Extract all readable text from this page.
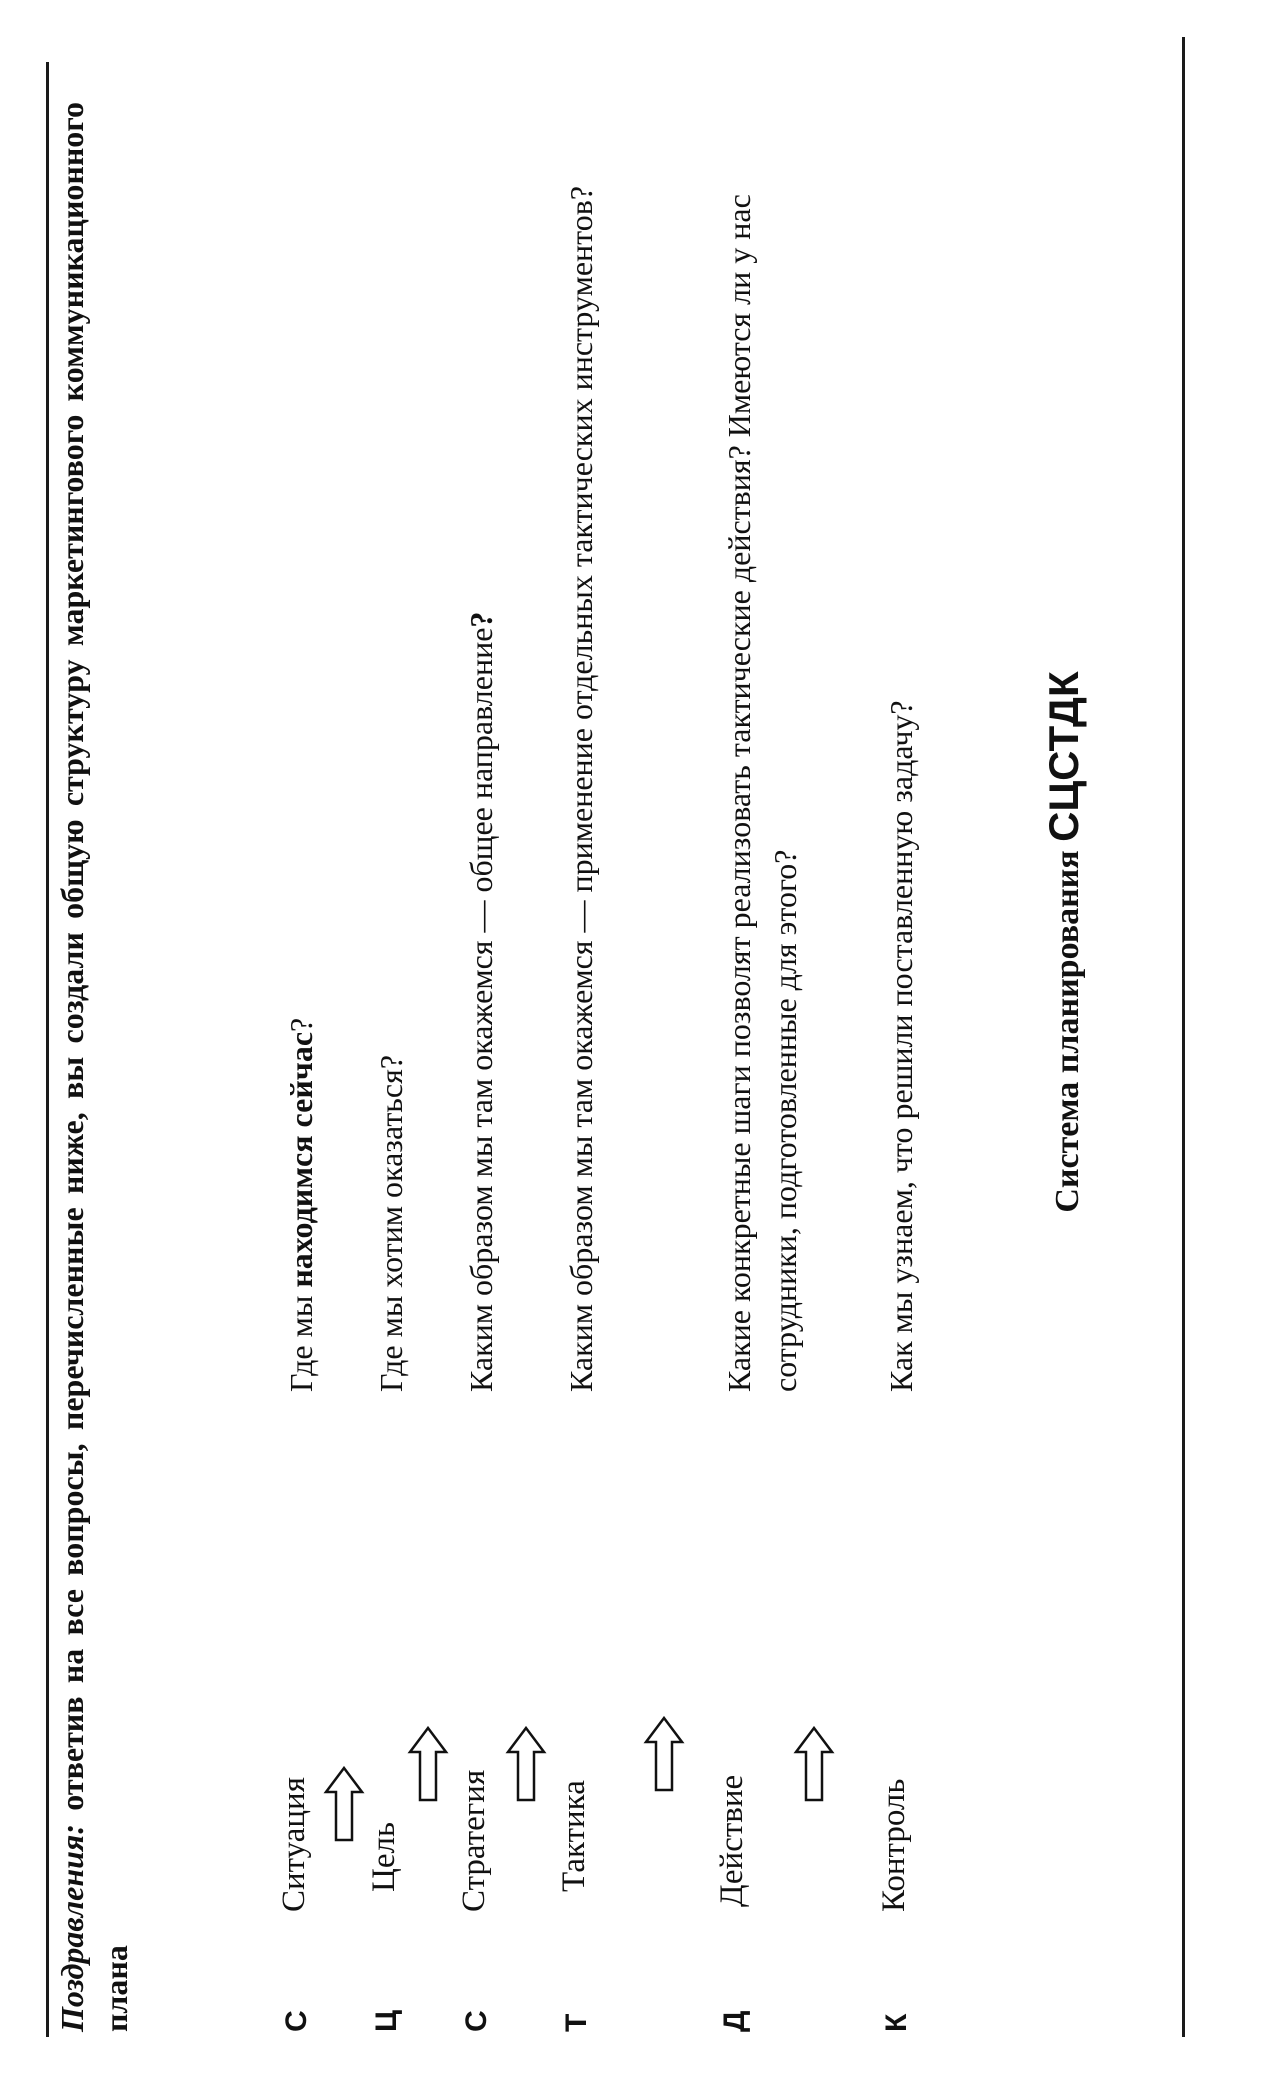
Поздравления: ответив на все вопросы, перечисленные ниже, вы создали общую структуру маркетингового коммуникационного плана	С
Ситуация
Где мы находимся сейчас?
Ц
Цель
Где мы хотим оказаться?
С
Стратегия
Каким образом мы там окажемся — общее направление?
Т
Тактика
Каким образом мы там окажемся — применение отдельных тактических инструментов?
Д
Действие
Какие конкретные шаги позволят реализовать тактические действия? Имеются ли у нас сотрудники, подготовленные для этого?
К
Контроль
Как мы узнаем, что решили поставленную задачу?	Система планирования СЦСТДК
